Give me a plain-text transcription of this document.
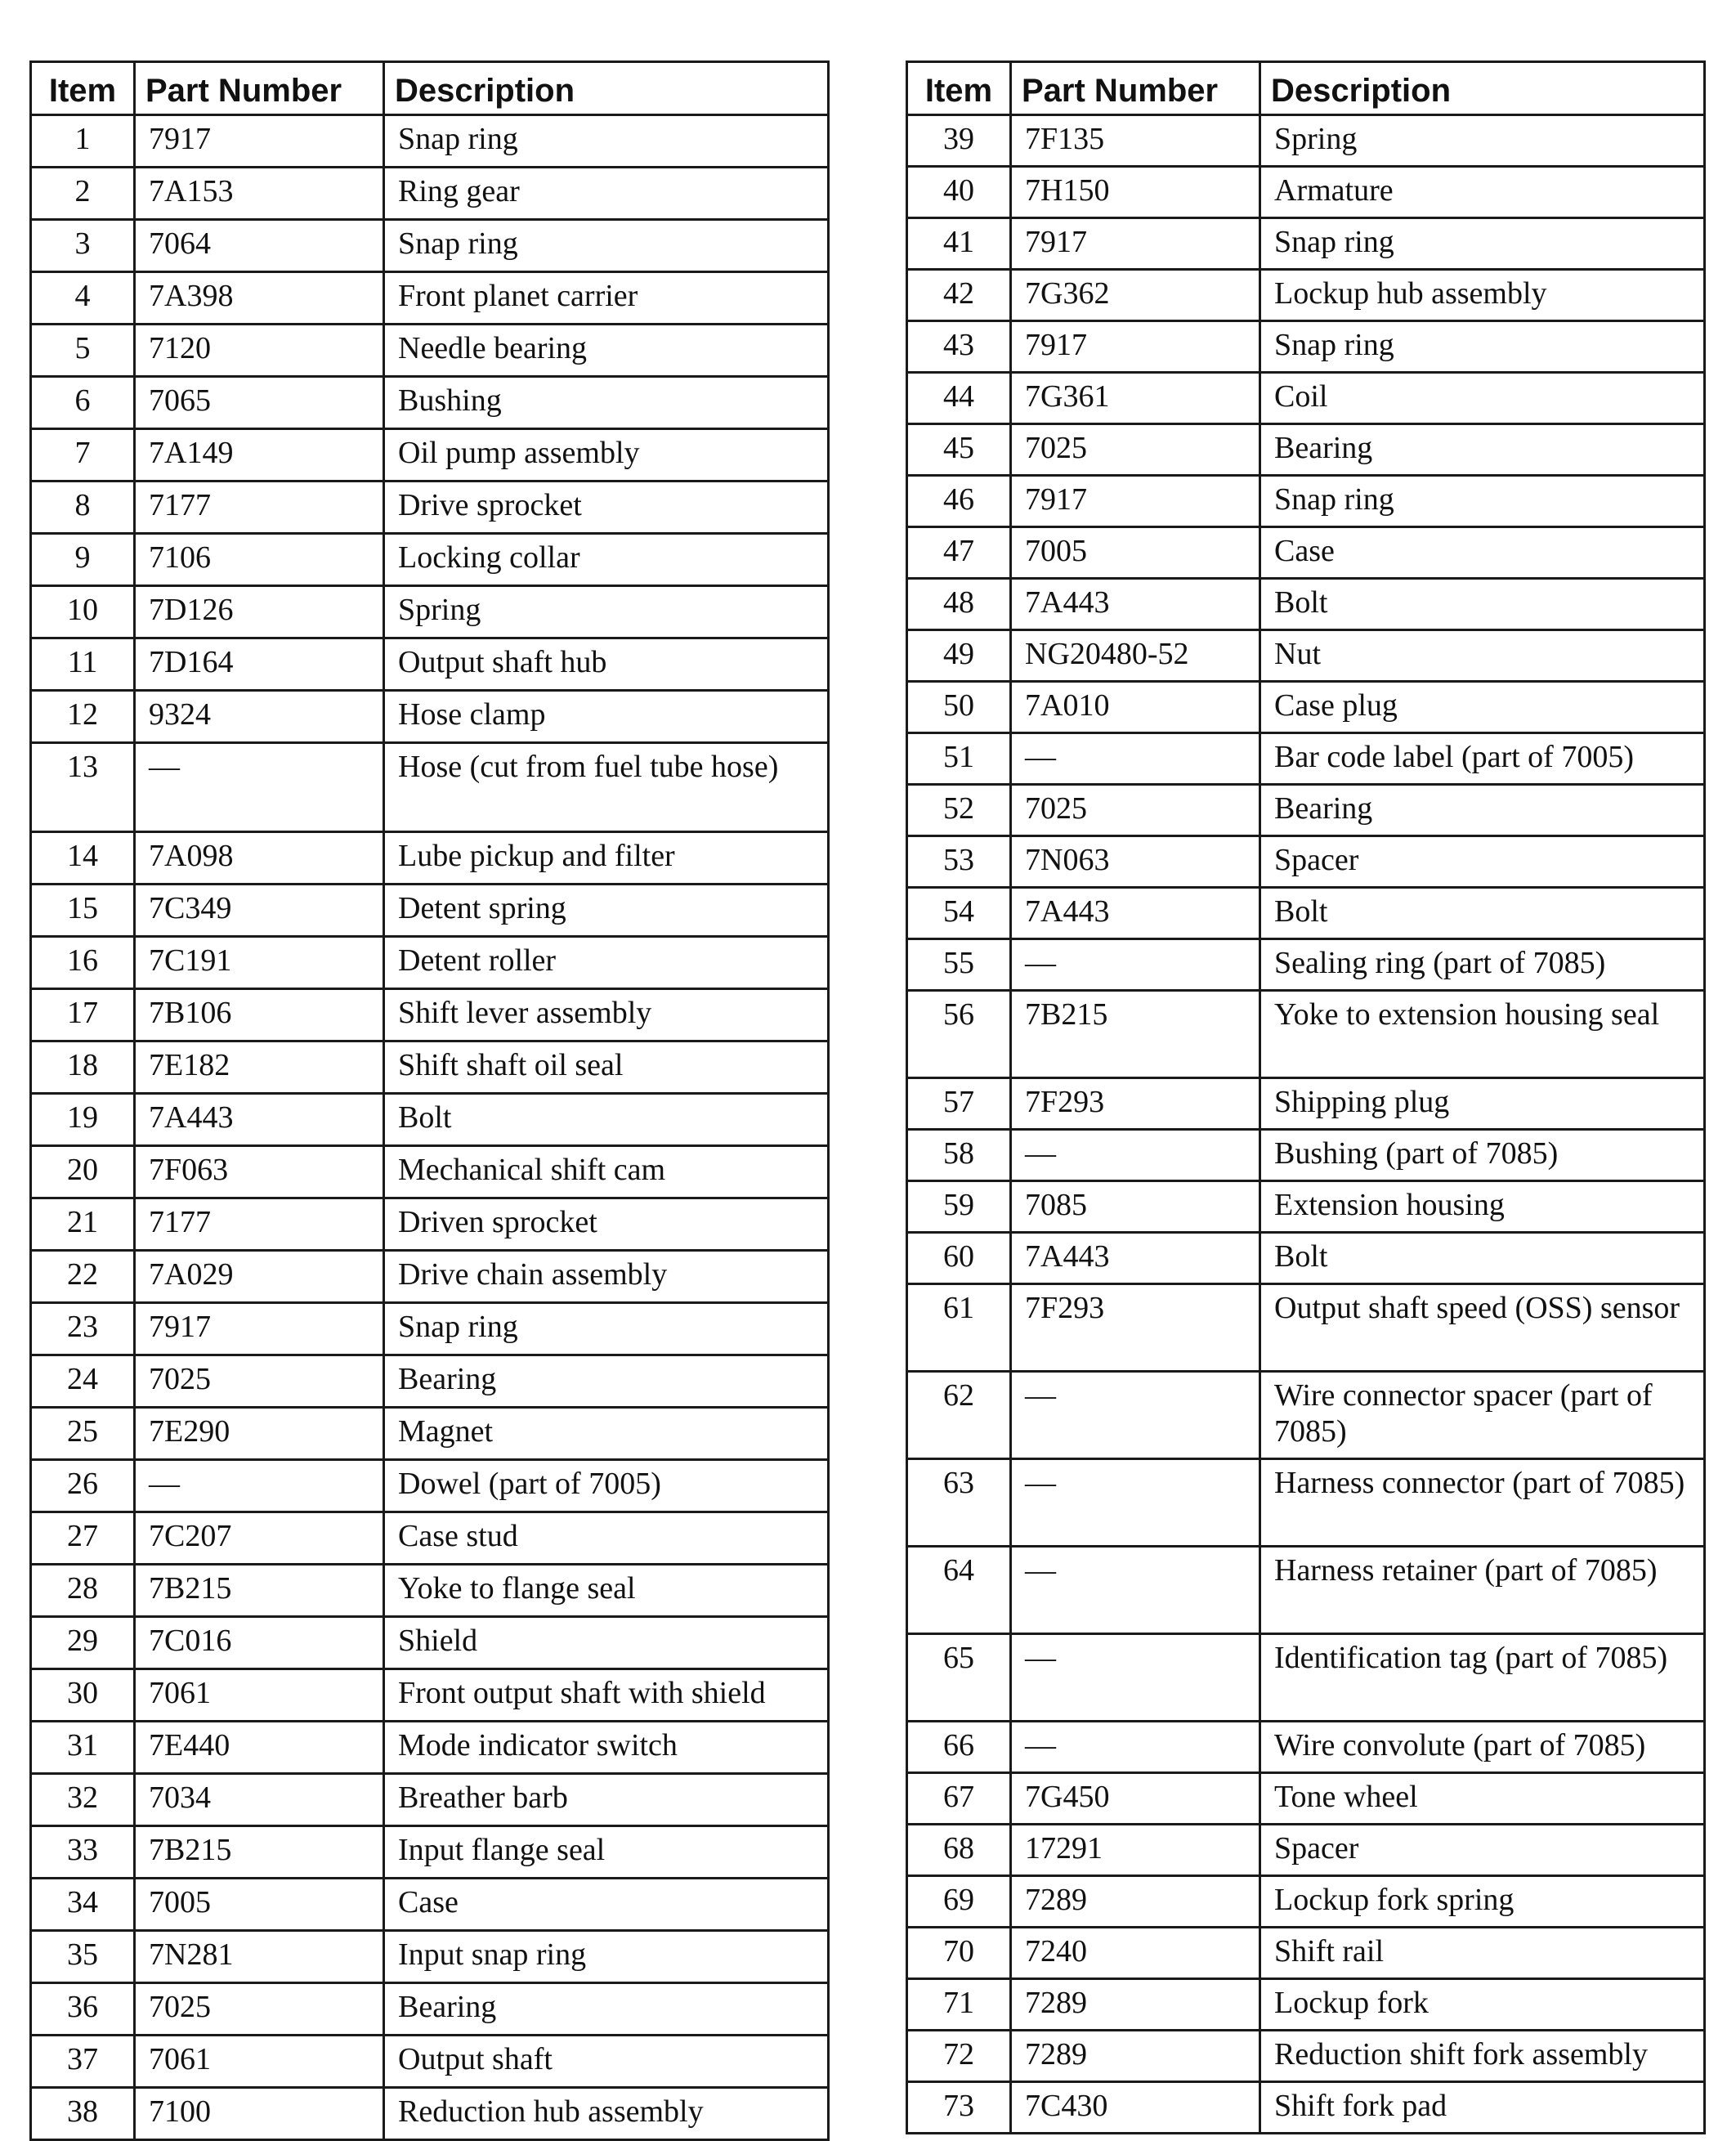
Item	Part Number	Description
1	7917	Snap ring
2	7A153	Ring gear
3	7064	Snap ring
4	7A398	Front planet carrier
5	7120	Needle bearing
6	7065	Bushing
7	7A149	Oil pump assembly
8	7177	Drive sprocket
9	7106	Locking collar
10	7D126	Spring
11	7D164	Output shaft hub
12	9324	Hose clamp
13	—	Hose (cut from fuel tube hose)
14	7A098	Lube pickup and filter
15	7C349	Detent spring
16	7C191	Detent roller
17	7B106	Shift lever assembly
18	7E182	Shift shaft oil seal
19	7A443	Bolt
20	7F063	Mechanical shift cam
21	7177	Driven sprocket
22	7A029	Drive chain assembly
23	7917	Snap ring
24	7025	Bearing
25	7E290	Magnet
26	—	Dowel (part of 7005)
27	7C207	Case stud
28	7B215	Yoke to flange seal
29	7C016	Shield
30	7061	Front output shaft with shield
31	7E440	Mode indicator switch
32	7034	Breather barb
33	7B215	Input flange seal
34	7005	Case
35	7N281	Input snap ring
36	7025	Bearing
37	7061	Output shaft
38	7100	Reduction hub assembly
Item	Part Number	Description
39	7F135	Spring
40	7H150	Armature
41	7917	Snap ring
42	7G362	Lockup hub assembly
43	7917	Snap ring
44	7G361	Coil
45	7025	Bearing
46	7917	Snap ring
47	7005	Case
48	7A443	Bolt
49	NG20480-52	Nut
50	7A010	Case plug
51	—	Bar code label (part of 7005)
52	7025	Bearing
53	7N063	Spacer
54	7A443	Bolt
55	—	Sealing ring (part of 7085)
56	7B215	Yoke to extension housing seal
57	7F293	Shipping plug
58	—	Bushing (part of 7085)
59	7085	Extension housing
60	7A443	Bolt
61	7F293	Output shaft speed (OSS) sensor
62	—	Wire connector spacer (part of 7085)
63	—	Harness connector (part of 7085)
64	—	Harness retainer (part of 7085)
65	—	Identification tag (part of 7085)
66	—	Wire convolute (part of 7085)
67	7G450	Tone wheel
68	17291	Spacer
69	7289	Lockup fork spring
70	7240	Shift rail
71	7289	Lockup fork
72	7289	Reduction shift fork assembly
73	7C430	Shift fork pad
